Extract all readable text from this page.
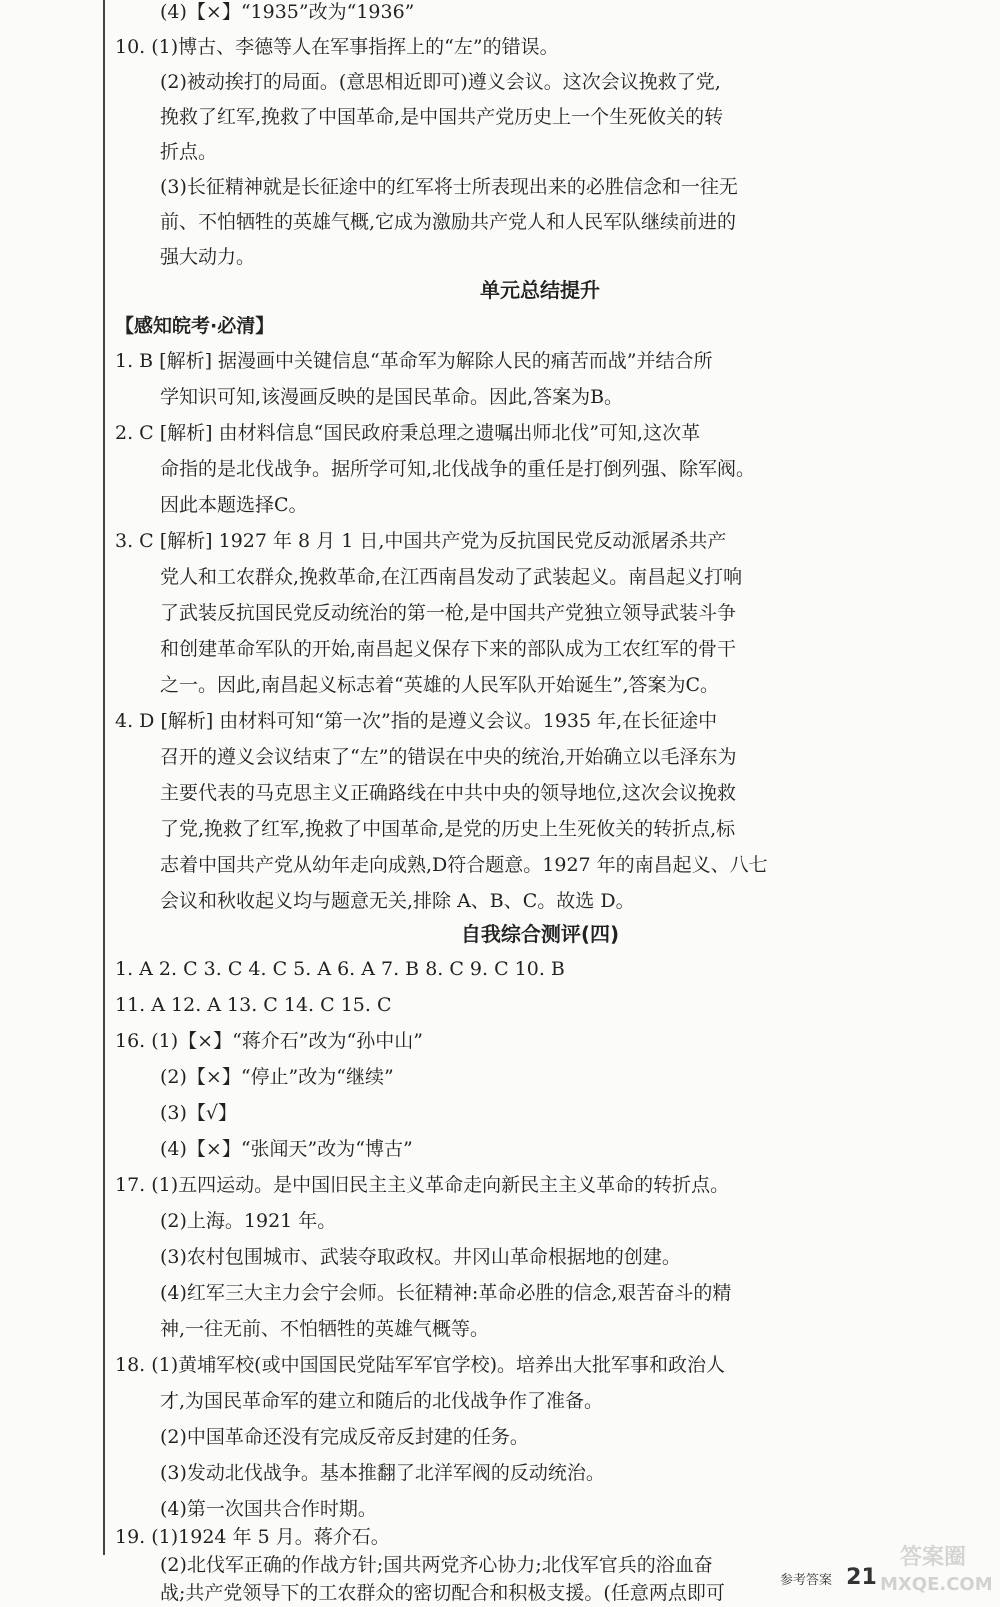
(4)【×】“1935”改为“1936”
10. (1)博古、李德等人在军事指挥上的“左”的错误。
(2)被动挨打的局面。(意思相近即可)遵义会议。这次会议挽救了党,
挽救了红军,挽救了中国革命,是中国共产党历史上一个生死攸关的转
折点。
(3)长征精神就是长征途中的红军将士所表现出来的必胜信念和一往无
前、不怕牺牲的英雄气概,它成为激励共产党人和人民军队继续前进的
强大动力。
单元总结提升
【感知皖考·必清】
1. B [解析] 据漫画中关键信息“革命军为解除人民的痛苦而战”并结合所
学知识可知,该漫画反映的是国民革命。因此,答案为B。
2. C [解析] 由材料信息“国民政府秉总理之遗嘱出师北伐”可知,这次革
命指的是北伐战争。据所学可知,北伐战争的重任是打倒列强、除军阀。
因此本题选择C。
3. C [解析] 1927 年 8 月 1 日,中国共产党为反抗国民党反动派屠杀共产
党人和工农群众,挽救革命,在江西南昌发动了武装起义。南昌起义打响
了武装反抗国民党反动统治的第一枪,是中国共产党独立领导武装斗争
和创建革命军队的开始,南昌起义保存下来的部队成为工农红军的骨干
之一。因此,南昌起义标志着“英雄的人民军队开始诞生”,答案为C。
4. D [解析] 由材料可知“第一次”指的是遵义会议。1935 年,在长征途中
召开的遵义会议结束了“左”的错误在中央的统治,开始确立以毛泽东为
主要代表的马克思主义正确路线在中共中央的领导地位,这次会议挽救
了党,挽救了红军,挽救了中国革命,是党的历史上生死攸关的转折点,标
志着中国共产党从幼年走向成熟,D符合题意。1927 年的南昌起义、八七
会议和秋收起义均与题意无关,排除 A、B、C。故选 D。
自我综合测评(四)
1. A 2. C 3. C 4. C 5. A 6. A 7. B 8. C 9. C 10. B
11. A 12. A 13. C 14. C 15. C
16. (1)【×】“蒋介石”改为“孙中山”
(2)【×】“停止”改为“继续”
(3)【√】
(4)【×】“张闻天”改为“博古”
17. (1)五四运动。是中国旧民主主义革命走向新民主主义革命的转折点。
(2)上海。1921 年。
(3)农村包围城市、武装夺取政权。井冈山革命根据地的创建。
(4)红军三大主力会宁会师。长征精神:革命必胜的信念,艰苦奋斗的精
神,一往无前、不怕牺牲的英雄气概等。
18. (1)黄埔军校(或中国国民党陆军军官学校)。培养出大批军事和政治人
才,为国民革命军的建立和随后的北伐战争作了准备。
(2)中国革命还没有完成反帝反封建的任务。
(3)发动北伐战争。基本推翻了北洋军阀的反动统治。
(4)第一次国共合作时期。
19. (1)1924 年 5 月。蒋介石。
(2)北伐军正确的作战方针;国共两党齐心协力;北伐军官兵的浴血奋
战;共产党领导下的工农群众的密切配合和积极支援。(任意两点即可
参考答案 21
答案圈
MXQE.COM
